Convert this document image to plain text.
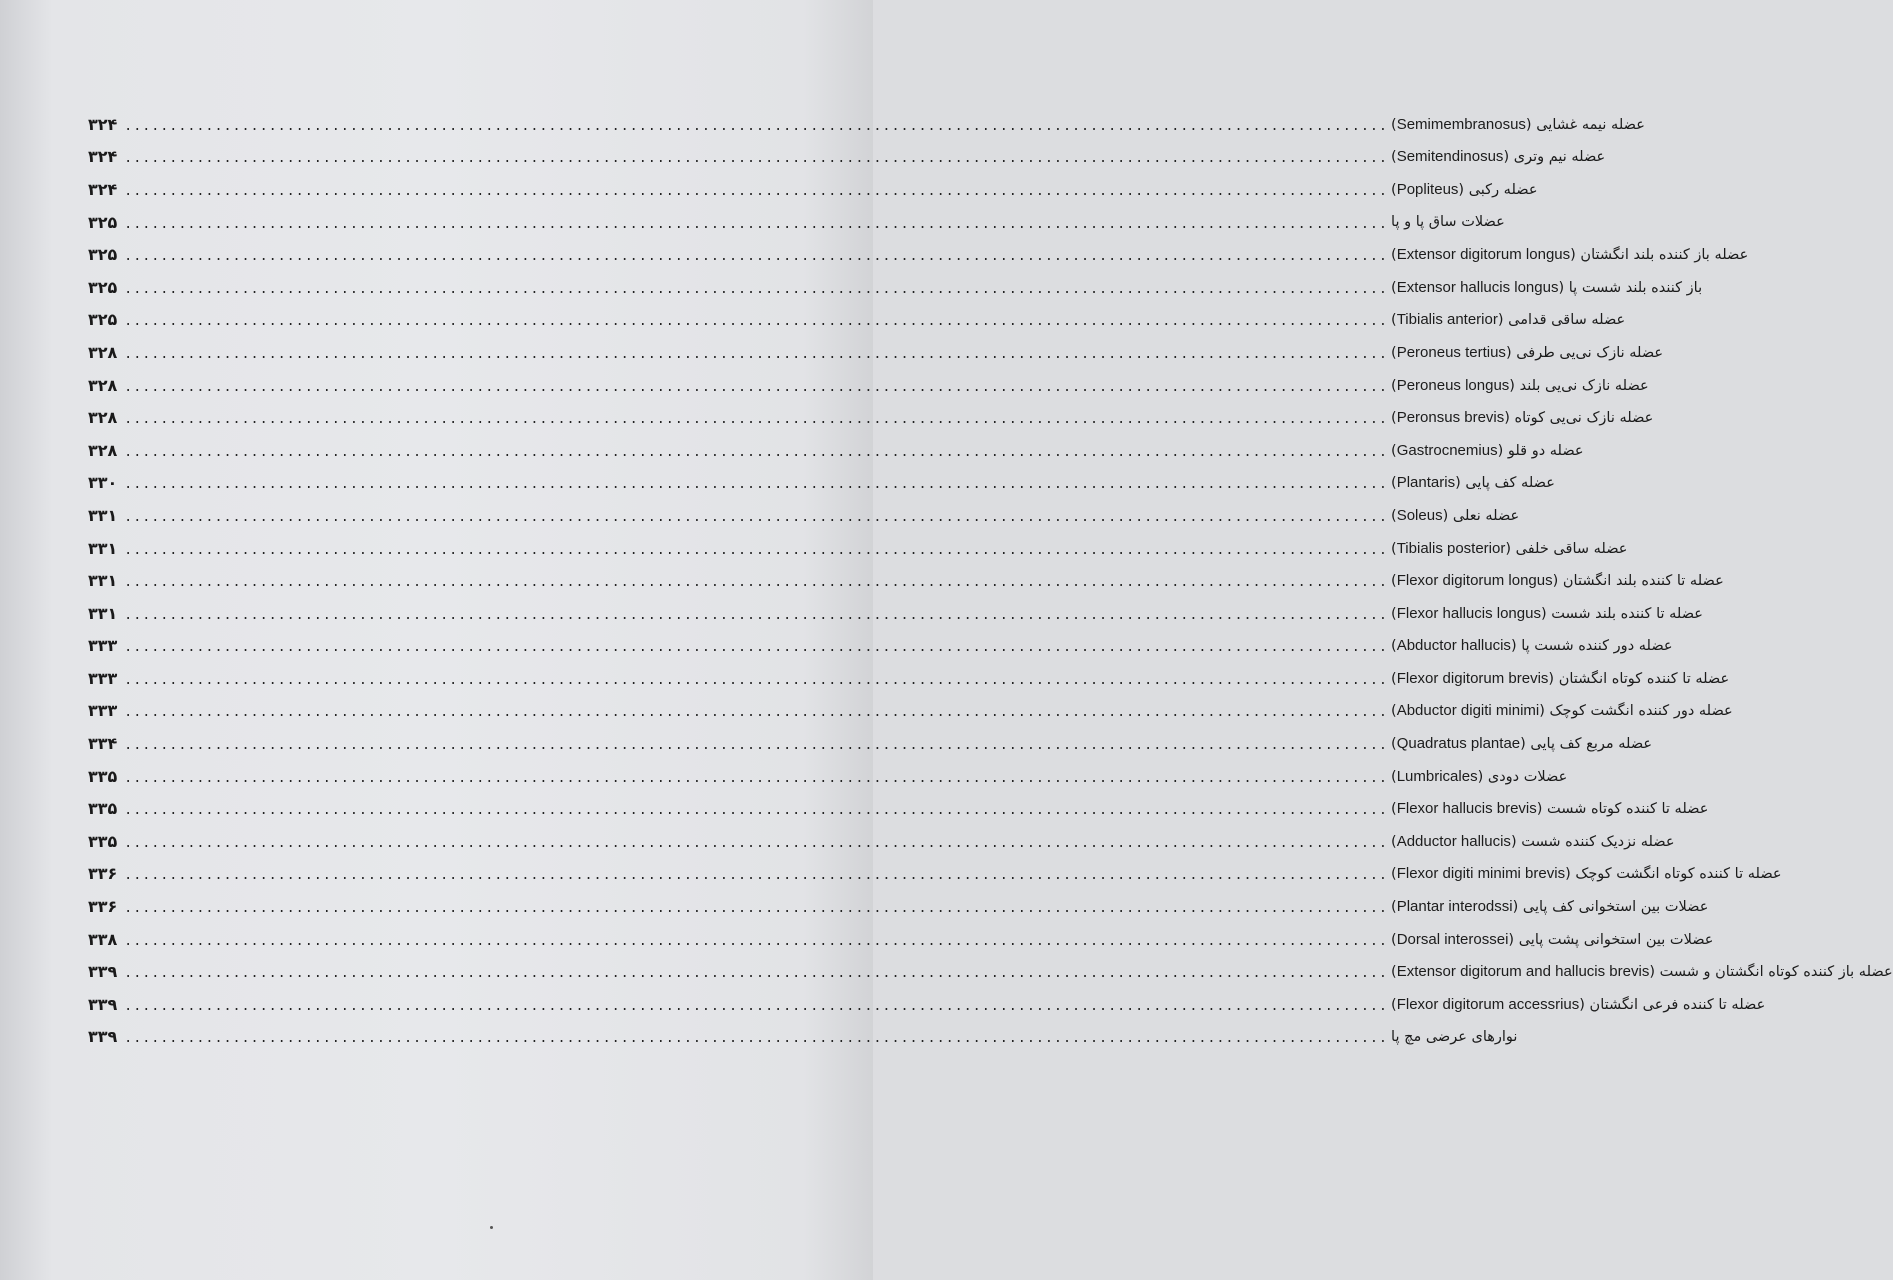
۳۲۴ ............................................................................................................................................	عضله نیمه غشایی (Semimembranosus)
۳۲۴ ............................................................................................................................................	عضله نیم وتری (Semitendinosus)
۳۲۴ ............................................................................................................................................	عضله رکبی (Popliteus)
۳۲۵ ............................................................................................................................................ عضلات ساق پا و پا
۳۲۵ ............................................................................................................................................	عضله باز کننده بلند انگشتان (Extensor digitorum longus)
۳۲۵ ............................................................................................................................................	باز کننده بلند شست پا (Extensor hallucis longus)
۳۲۵ ............................................................................................................................................	عضله ساقی قدامی (Tibialis anterior)
۳۲۸ ............................................................................................................................................	عضله نازک نی‌یی طرفی (Peroneus tertius)
۳۲۸ ............................................................................................................................................	عضله نازک نی‌یی بلند (Peroneus longus)
۳۲۸ ............................................................................................................................................	عضله نازک نی‌یی کوتاه (Peronsus brevis)
۳۲۸ ............................................................................................................................................	عضله دو قلو (Gastrocnemius)
۳۳۰ ............................................................................................................................................	عضله کف پایی (Plantaris)
۳۳۱ ............................................................................................................................................	عضله نعلی (Soleus)
۳۳۱ ............................................................................................................................................	عضله ساقی خلفی (Tibialis posterior)
۳۳۱ ............................................................................................................................................	عضله تا کننده بلند انگشتان (Flexor digitorum longus)
۳۳۱ ............................................................................................................................................	عضله تا کننده بلند شست (Flexor hallucis longus)
۳۳۳ ............................................................................................................................................	عضله دور کننده شست پا (Abductor hallucis)
۳۳۳ ............................................................................................................................................	عضله تا کننده کوتاه انگشتان (Flexor digitorum brevis)
۳۳۳ ............................................................................................................................................	عضله دور کننده انگشت کوچک (Abductor digiti minimi)
۳۳۴ ............................................................................................................................................	عضله مربع کف پایی (Quadratus plantae)
۳۳۵ ............................................................................................................................................	عضلات دودی (Lumbricales)
۳۳۵ ............................................................................................................................................	عضله تا کننده کوتاه شست (Flexor hallucis brevis)
۳۳۵ ............................................................................................................................................	عضله نزدیک کننده شست (Adductor hallucis)
۳۳۶ ............................................................................................................................................	عضله تا کننده کوتاه انگشت کوچک (Flexor digiti minimi brevis)
۳۳۶ ............................................................................................................................................	عضلات بین استخوانی کف پایی (Plantar interodssi)
۳۳۸ ............................................................................................................................................	عضلات بین استخوانی پشت پایی (Dorsal interossei)
۳۳۹ ............................................................................................................................................	عضله باز کننده کوتاه انگشتان و شست (Extensor digitorum and hallucis brevis)
۳۳۹ ............................................................................................................................................	عضله تا کننده فرعی انگشتان (Flexor digitorum accessrius)
۳۳۹ ............................................................................................................................................ نوارهای عرضی مچ پا
